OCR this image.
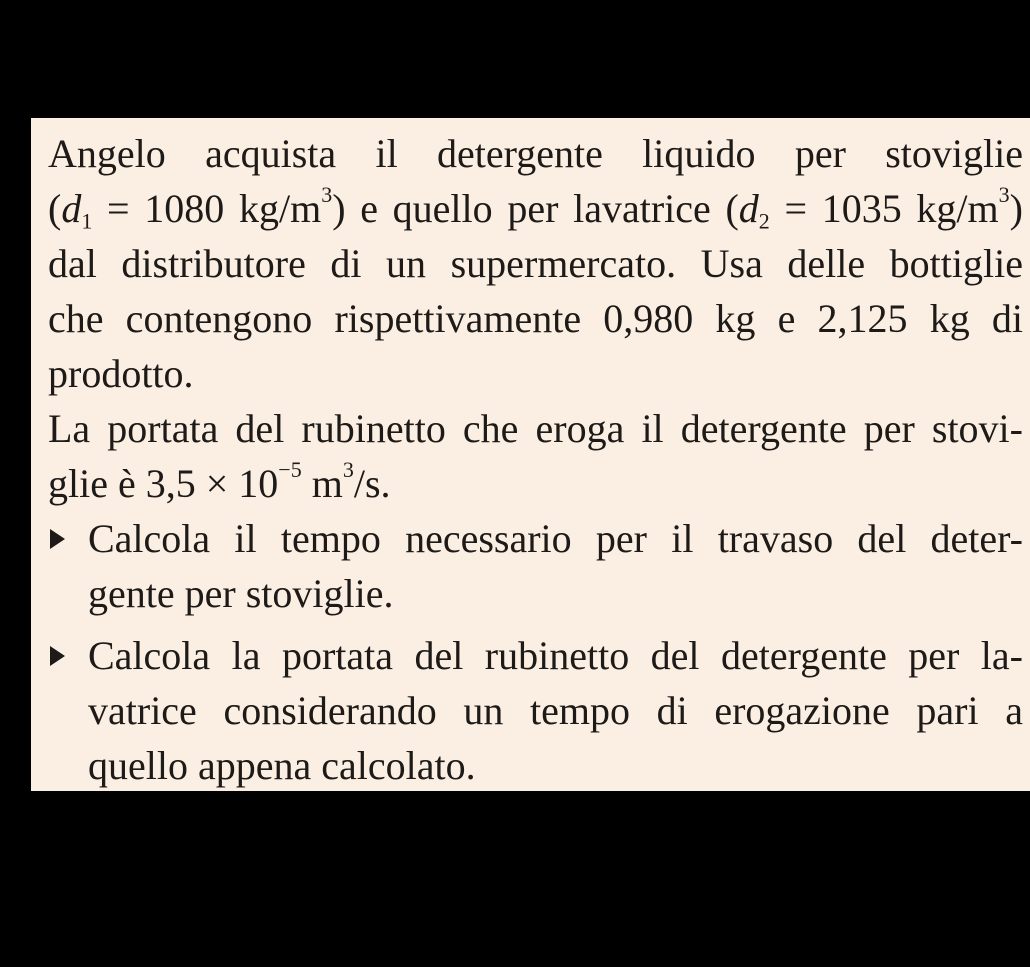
Angelo acquista il detergente liquido per stoviglie
($d_1 = 1080$ $kg/m^3$) e quello per lavatrice ($d_2 = 1035$ $kg/m^3$)
dal distributore di un supermercato. Usa delle bottiglie
che contengono rispettivamente 0,980 kg e 2,125 kg di
prodotto.
La portata del rubinetto che eroga il detergente per stovi-
glie è $3,5 \times 10^{-5}$ $m^3/s$.
Calcola il tempo necessario per il travaso del deter-
gente per stoviglie.
Calcola la portata del rubinetto del detergente per la-
vatrice considerando un tempo di erogazione pari a
quello appena calcolato.
